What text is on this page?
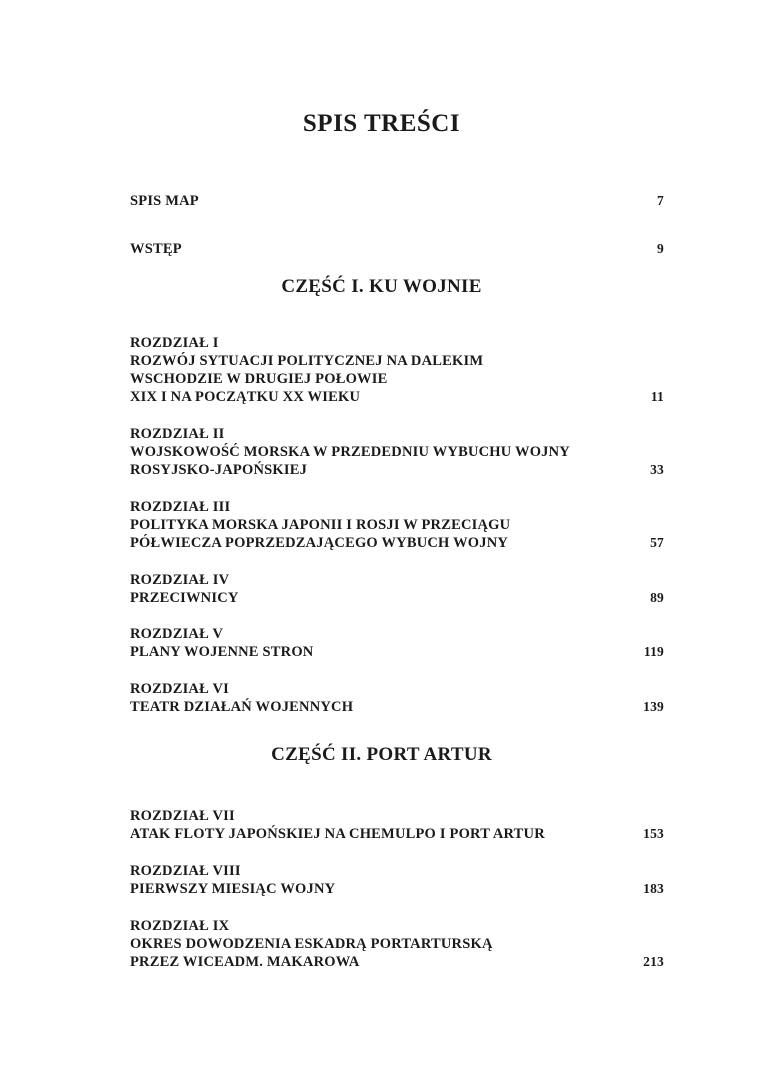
SPIS TREŚCI
SPIS MAP	7
WSTĘP	9
CZĘŚĆ I. KU WOJNIE
ROZDZIAŁ I
ROZWÓJ SYTUACJI POLITYCZNEJ NA DALEKIM
WSCHODZIE W DRUGIEJ POŁOWIE
XIX I NA POCZĄTKU XX WIEKU	11
ROZDZIAŁ II
WOJSKOWOŚĆ MORSKA W PRZEDEDNIU WYBUCHU WOJNY
ROSYJSKO-JAPOŃSKIEJ	33
ROZDZIAŁ III
POLITYKA MORSKA JAPONII I ROSJI W PRZECIĄGU
PÓŁWIECZA POPRZEDZAJĄCEGO WYBUCH WOJNY	57
ROZDZIAŁ IV
PRZECIWNICY	89
ROZDZIAŁ V
PLANY WOJENNE STRON	119
ROZDZIAŁ VI
TEATR DZIAŁAŃ WOJENNYCH	139
CZĘŚĆ II. PORT ARTUR
ROZDZIAŁ VII
ATAK FLOTY JAPOŃSKIEJ NA CHEMULPO I PORT ARTUR	153
ROZDZIAŁ VIII
PIERWSZY MIESIĄC WOJNY	183
ROZDZIAŁ IX
OKRES DOWODZENIA ESKADRĄ PORTARTURSKĄ
PRZEZ WICEADM. MAKAROWA	213
